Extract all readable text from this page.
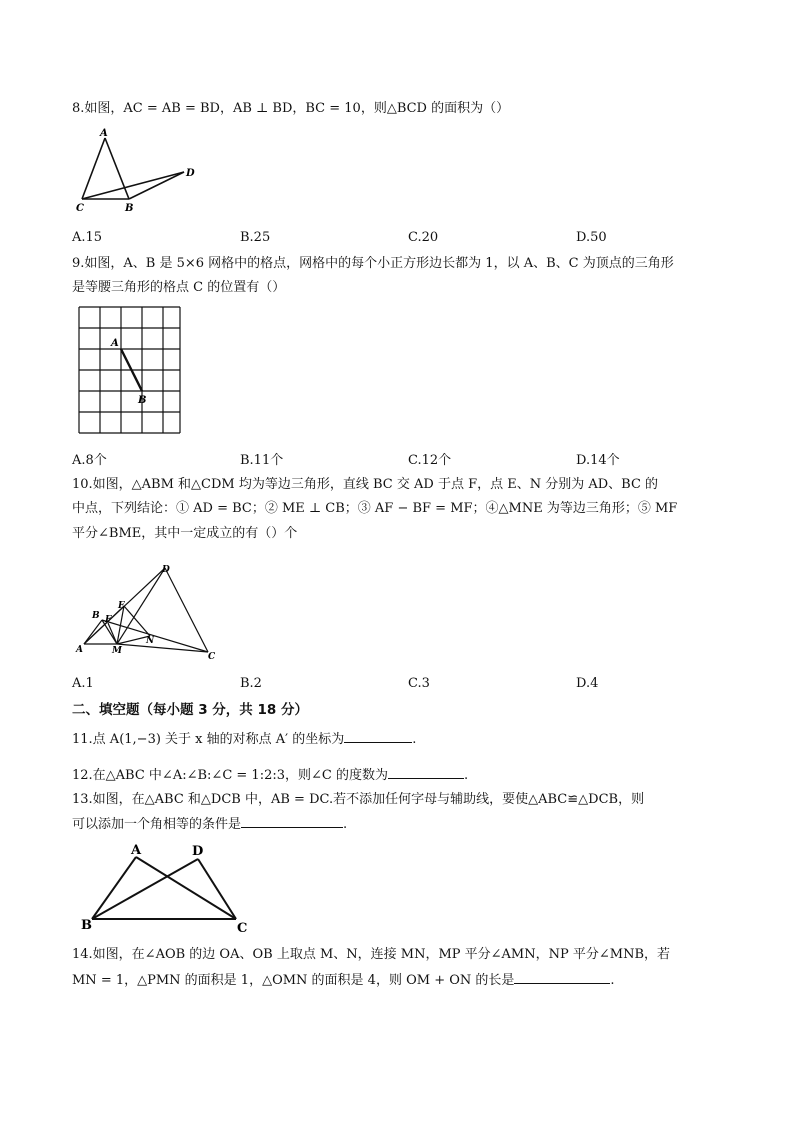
8.如图，AC = AB = BD，AB ⊥ BD，BC = 10，则△BCD 的面积为（）
A
C	B
D
A.15	B.25	C.20	D.50
9.如图，A、B 是 5×6 网格中的格点，网格中的每个小正方形边长都为 1，以 A、B、C 为顶点的三角形
是等腰三角形的格点 C 的位置有（）
A
B
A.8个	B.11个	C.12个	D.14个
10.如图，△ABM 和△CDM 均为等边三角形，直线 BC 交 AD 于点 F，点 E、N 分别为 AD、BC 的
中点，下列结论：① AD = BC；② ME ⊥ CB；③ AF − BF = MF；④△MNE 为等边三角形；⑤ MF
平分∠BME，其中一定成立的有（）个
D
E
B F
A	M
N
C
A.1	B.2	C.3	D.4
二、填空题（每小题 3 分，共 18 分）
11.点 A(1,−3) 关于 x 轴的对称点 A′ 的坐标为	.
12.在△ABC 中∠A:∠B:∠C = 1:2:3，则∠C 的度数为	.
13.如图，在△ABC 和△DCB 中，AB = DC.若不添加任何字母与辅助线，要使△ABC≌△DCB，则
可以添加一个角相等的条件是	.
A	D
B	C
14.如图，在∠AOB 的边 OA、OB 上取点 M、N，连接 MN，MP 平分∠AMN，NP 平分∠MNB，若
MN = 1，△PMN 的面积是 1，△OMN 的面积是 4，则 OM + ON 的长是	.
